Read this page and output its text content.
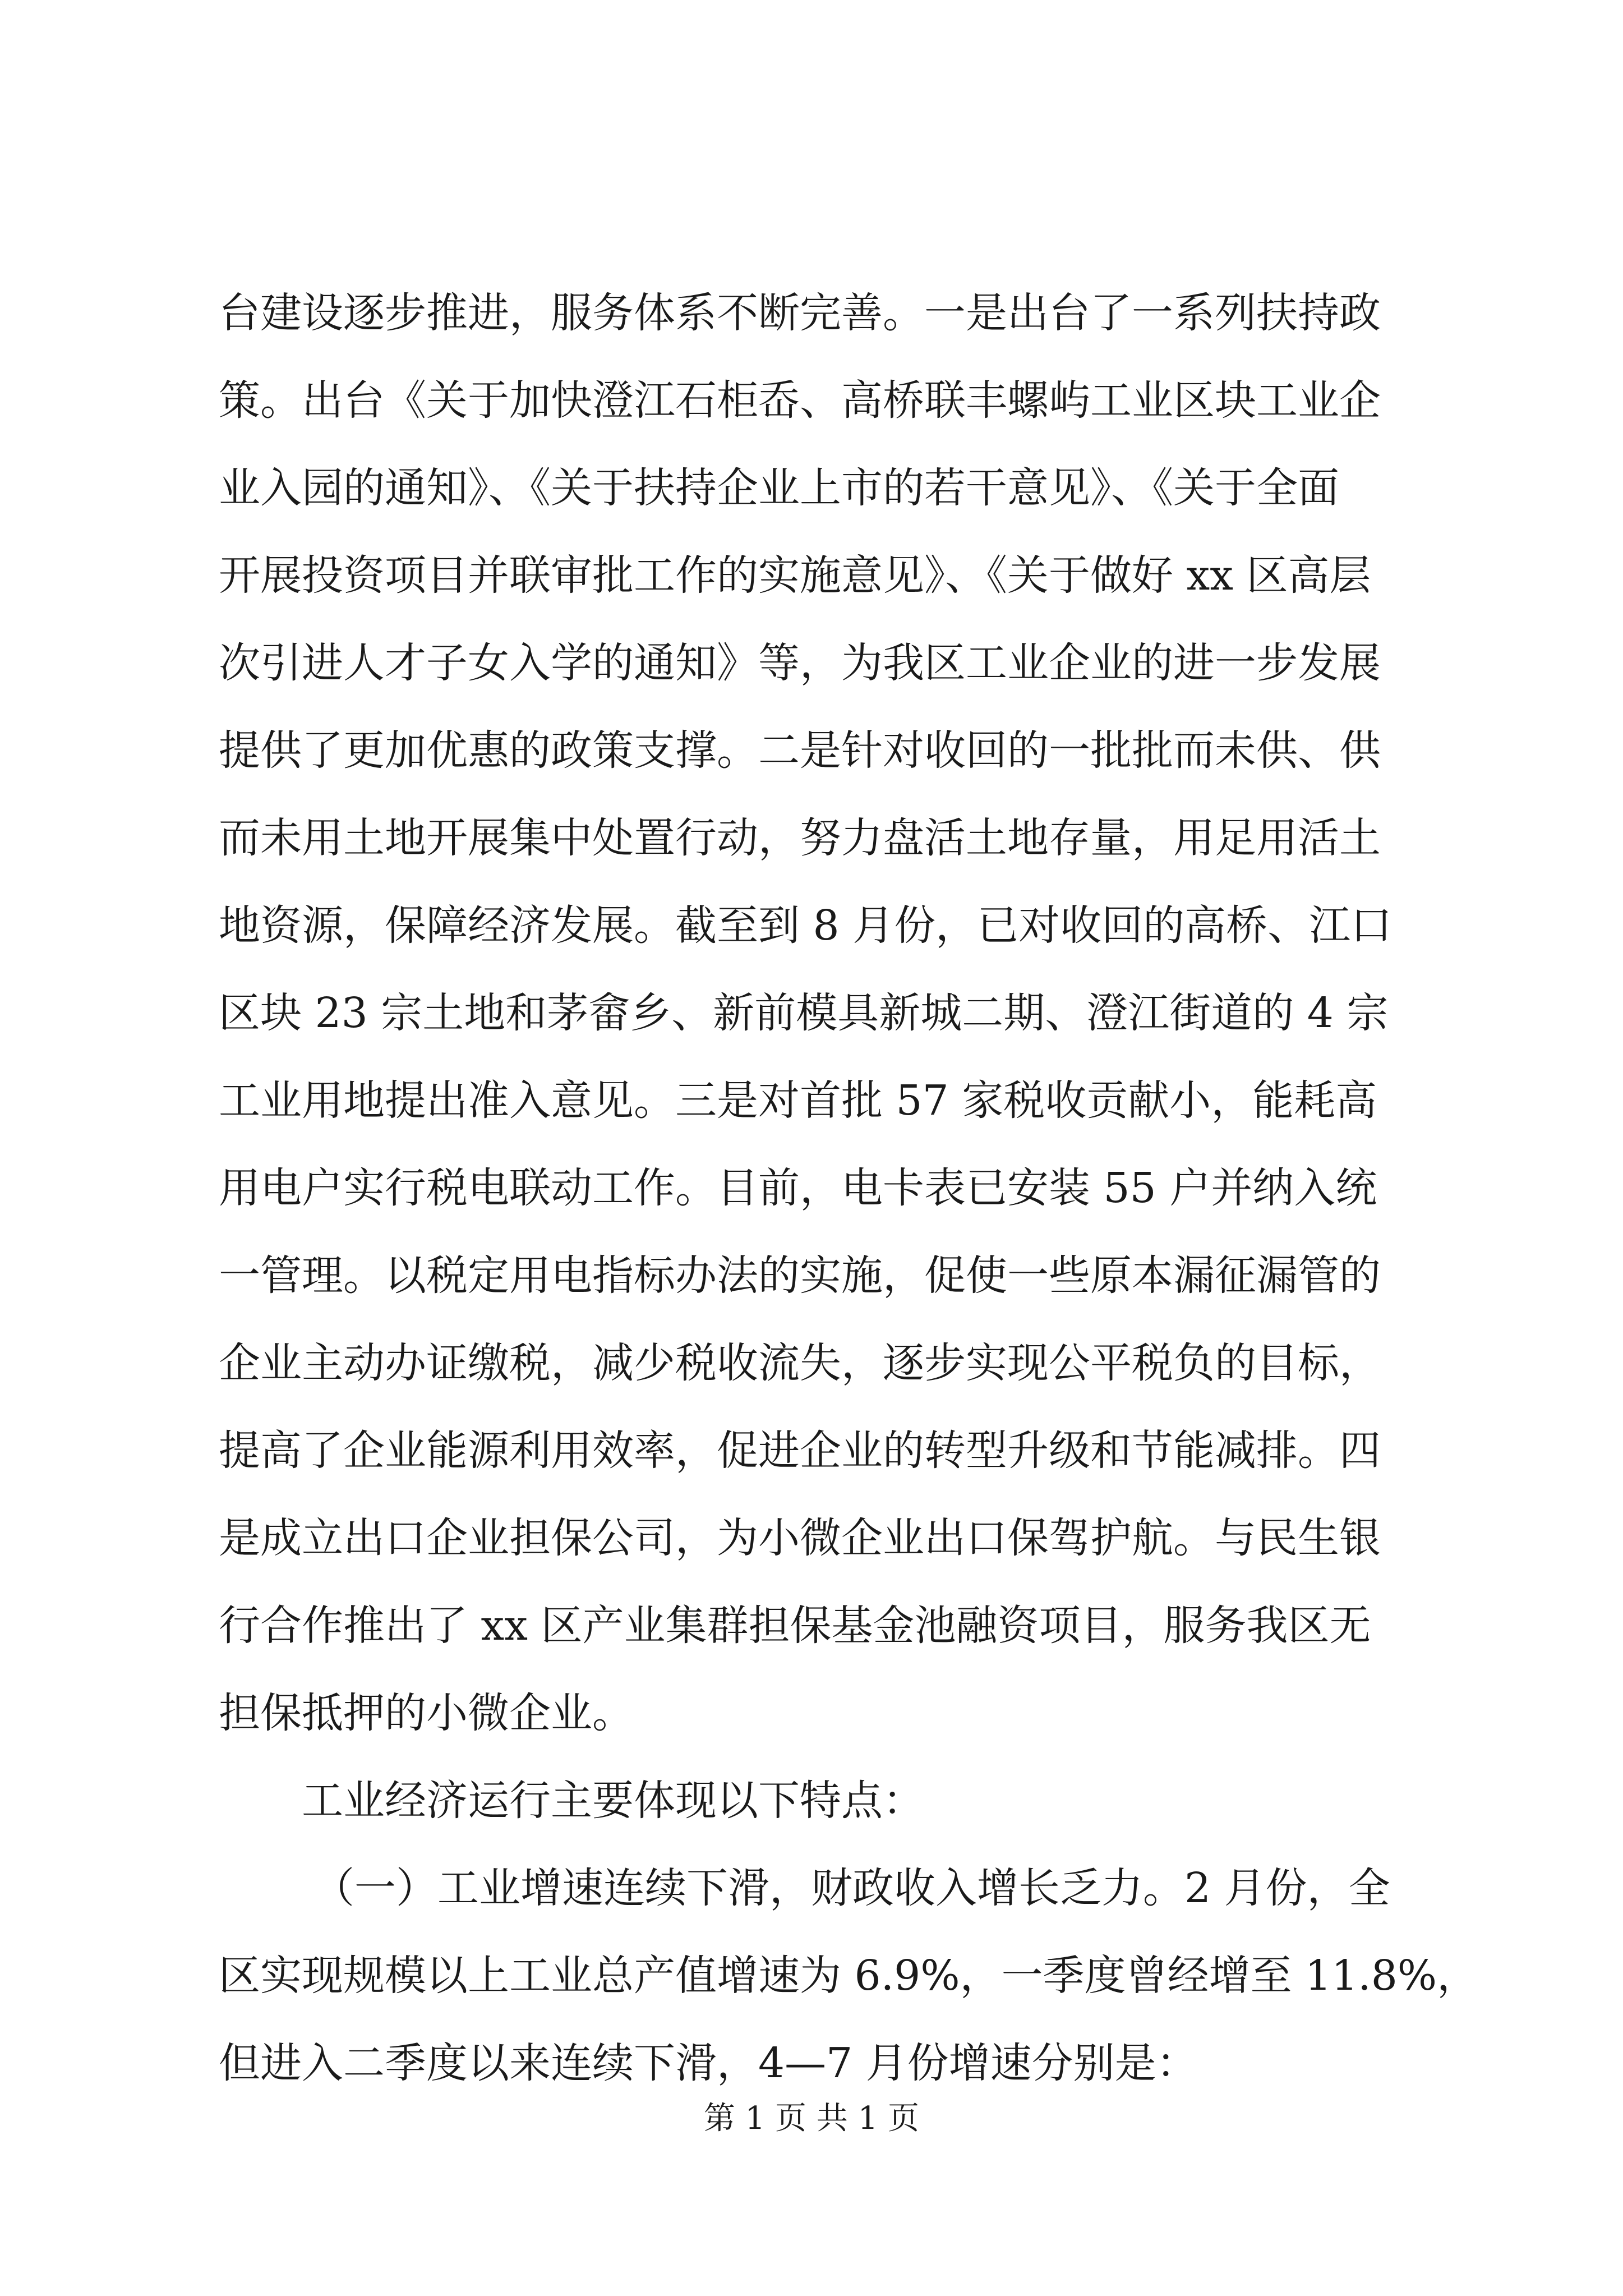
台建设逐步推进，服务体系不断完善。一是出台了一系列扶持政
策。出台《关于加快澄江石柜岙、高桥联丰螺屿工业区块工业企
业入园的通知》、《关于扶持企业上市的若干意见》、《关于全面
开展投资项目并联审批工作的实施意见》、《关于做好 xx 区高层
次引进人才子女入学的通知》等，为我区工业企业的进一步发展
提供了更加优惠的政策支撑。二是针对收回的一批批而未供、供
而未用土地开展集中处置行动，努力盘活土地存量，用足用活土
地资源，保障经济发展。截至到 8 月份，已对收回的高桥、江口
区块 23 宗土地和茅畲乡、新前模具新城二期、澄江街道的 4 宗
工业用地提出准入意见。三是对首批 57 家税收贡献小，能耗高
用电户实行税电联动工作。目前，电卡表已安装 55 户并纳入统
一管理。以税定用电指标办法的实施，促使一些原本漏征漏管的
企业主动办证缴税，减少税收流失，逐步实现公平税负的目标，
提高了企业能源利用效率，促进企业的转型升级和节能减排。四
是成立出口企业担保公司，为小微企业出口保驾护航。与民生银
行合作推出了 xx 区产业集群担保基金池融资项目，服务我区无
担保抵押的小微企业。
工业经济运行主要体现以下特点：
（一）工业增速连续下滑，财政收入增长乏力。2 月份，全
区实现规模以上工业总产值增速为 6.9%，一季度曾经增至 11.8%，
但进入二季度以来连续下滑，4—7 月份增速分别是：
第 1 页 共 1 页
